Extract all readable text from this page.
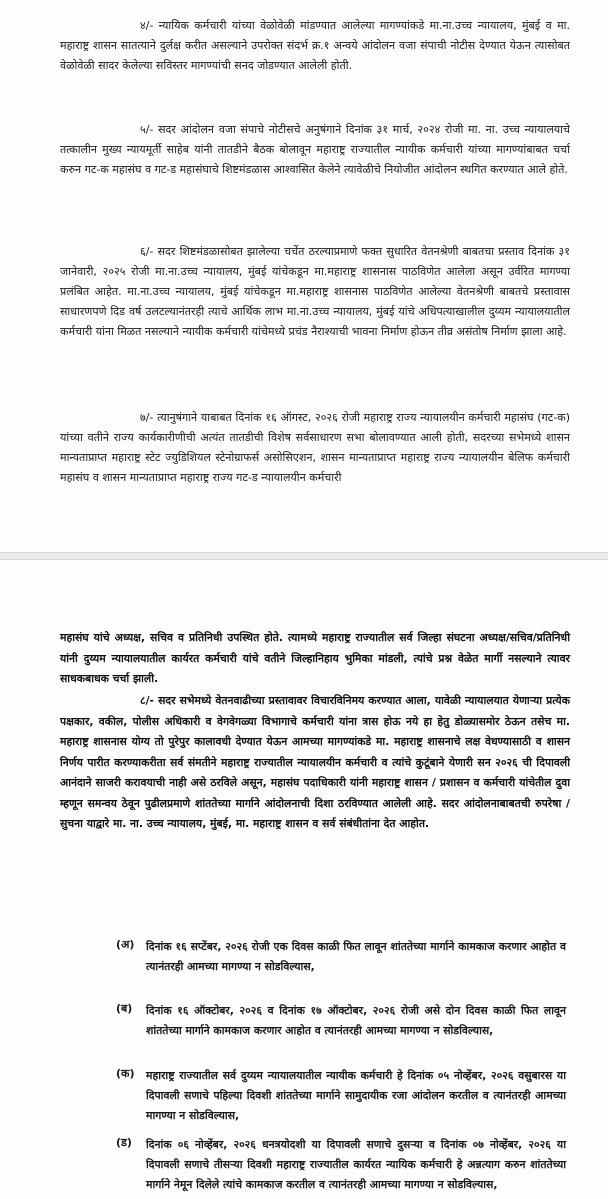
४/- न्यायिक कर्मचारी यांच्या वेळोवेळी मांडण्यात आलेल्या मागण्यांकडे मा.ना.उच्च न्यायालय, मुंबई व मा. महाराष्ट्र शासन सातत्याने दुर्लक्ष करीत असल्याने उपरोक्त संदर्भ क्र.१ अन्वये आंदोलन वजा संपाची नोटीस देण्यात येऊन त्यासोबत वेळोवेळी सादर केलेल्या सविस्तर मागण्यांची सनद जोडण्यात आलेली होती.

५/- सदर आंदोलन वजा संपाचे नोटीसचे अनुषंगाने दिनांक ३१ मार्च, २०२४ रोजी मा. ना. उच्च न्यायालयाचे तत्कालीन मुख्य न्यायमूर्ती साहेब यांनी तातडीने बैठक बोलावून महाराष्ट्र राज्यातील न्यायीक कर्मचारी यांच्या मागण्यांबाबत चर्चा करुन गट-क महासंघ व गट-ड महासंघाचे शिष्टमंडळास आश्वासित केलेने त्यावेळीचे नियोजीत आंदोलन स्थगित करण्यात आले होते.

६/- सदर शिष्टमंडळासोबत झालेल्या चर्चेत ठरल्याप्रमाणे फक्त सुधारित वेतनश्रेणी बाबतचा प्रस्ताव दिनांक ३१ जानेवारी, २०२५ रोजी मा.ना.उच्च न्यायालय, मुंबई यांचेकडून मा.महाराष्ट्र शासनास पाठविणेत आलेला असून उर्वरित मागण्या प्रलंबित आहेत. मा.ना.उच्च न्यायालय, मुंबई यांचेकडून मा.महाराष्ट्र शासनास पाठविणेत आलेल्या वेतनश्रेणी बाबतचे प्रस्तावास साधारणपणे दिड वर्ष उलटल्यानंतरही त्याचे आर्थिक लाभ मा.ना.उच्च न्यायालय, मुंबई यांचे अधिपत्याखालील दुय्यम न्यायालयातील कर्मचारी यांना मिळत नसल्याने न्यायीक कर्मचारी यांचेमध्ये प्रचंड नैराश्याची भावना निर्माण होऊन तीव्र असंतोष निर्माण झाला आहे.

७/- त्यानुषंगाने याबाबत दिनांक १६ ऑगस्ट, २०२६ रोजी महाराष्ट्र राज्य न्यायालयीन कर्मचारी महासंघ (गट-क) यांच्या वतीने राज्य कार्यकारीणीची अत्यंत तातडीची विशेष सर्वसाधारण सभा बोलावण्यात आली होती, सदरच्या सभेमध्ये शासन मान्यताप्राप्त महाराष्ट्र स्टेट ज्युडिशियल स्टेनोग्राफर्स असोसिएशन, शासन मान्यताप्राप्त महाराष्ट्र राज्य न्यायालयीन बेलिफ कर्मचारी महासंघ व शासन मान्यताप्राप्त महाराष्ट्र राज्य गट-ड न्यायालयीन कर्मचारी

महासंघ यांचे अध्यक्ष, सचिव व प्रतिनिधी उपस्थित होते. त्यामध्ये महाराष्ट्र राज्यातील सर्व जिल्हा संघटना अध्यक्ष/सचिव/प्रतिनिधी यांनी दुय्यम न्यायालयातील कार्यरत कर्मचारी यांचे वतीने जिल्हानिहाय भुमिका मांडली, त्यांचे प्रश्न वेळेत मार्गी नसल्याने त्यावर साधकबाधक चर्चा झाली.

८/- सदर सभेमध्ये वेतनवाढीच्या प्रस्तावावर विचारविनिमय करण्यात आला, यावेळी न्यायालयात येणाऱ्या प्रत्येक पक्षकार, वकील, पोलीस अधिकारी व वेगवेगळ्या विभागाचे कर्मचारी यांना त्रास होऊ नये हा हेतु डोळ्यासमोर ठेऊन तसेच मा. महाराष्ट्र शासनास योग्य तो पुरेपुर कालावधी देण्यात येऊन आमच्या मागण्यांकडे मा. महाराष्ट्र शासनाचे लक्ष वेधण्यासाठी व शासन निर्णय पारीत करण्याकरीता सर्व संमतीने महाराष्ट्र राज्यातील न्यायालयीन कर्मचारी व त्यांचे कुटूंबाने येणारी सन २०२६ ची दिपावली आनंदाने साजरी करावयाची नाही असे ठरविले असून, महासंघ पदाधिकारी यांनी महाराष्ट्र शासन / प्रशासन व कर्मचारी यांचेतील दुवा म्हणून समन्वय ठेवून पुढीलप्रमाणे शांततेच्या मार्गाने आंदोलनाची दिशा ठरविण्यात आलेली आहे. सदर आंदोलनाबाबतची रुपरेषा / सुचना याद्वारे मा. ना. उच्च न्यायालय, मुंबई, मा. महाराष्ट्र शासन व सर्व संबंधीतांना देत आहोत.

(अ) दिनांक १६ सप्टेंबर, २०२६ रोजी एक दिवस काळी फित लावून शांततेच्या मार्गाने कामकाज करणार आहोत व त्यानंतरही आमच्या मागण्या न सोडविल्यास,

(ब) दिनांक १६ ऑक्टोबर, २०२६ व दिनांक १७ ऑक्टोबर, २०२६ रोजी असे दोन दिवस काळी फित लावून शांततेच्या मार्गाने कामकाज करणार आहोत व त्यानंतरही आमच्या मागण्या न सोडविल्यास,

(क) महाराष्ट्र राज्यातील सर्व दुय्यम न्यायालयातील न्यायीक कर्मचारी हे दिनांक ०५ नोव्हेंबर, २०२६ वसुबारस या दिपावली सणाचे पहिल्या दिवशी शांततेच्या मार्गाने सामुदायीक रजा आंदोलन करतील व त्यानंतरही आमच्या मागण्या न सोडविल्यास,

(ड) दिनांक ०६ नोव्हेंबर, २०२६ धनत्रयोदशी या दिपावली सणाचे दुसऱ्या व दिनांक ०७ नोव्हेंबर, २०२६ या दिपावली सणाचे तीसऱ्या दिवशी महाराष्ट्र राज्यातील कार्यरत न्यायिक कर्मचारी हे अन्नत्याग करुन शांततेच्या मार्गाने नेमून दिलेले त्यांचे कामकाज करतील व त्यानंतरही आमच्या मागण्या न सोडविल्यास,
